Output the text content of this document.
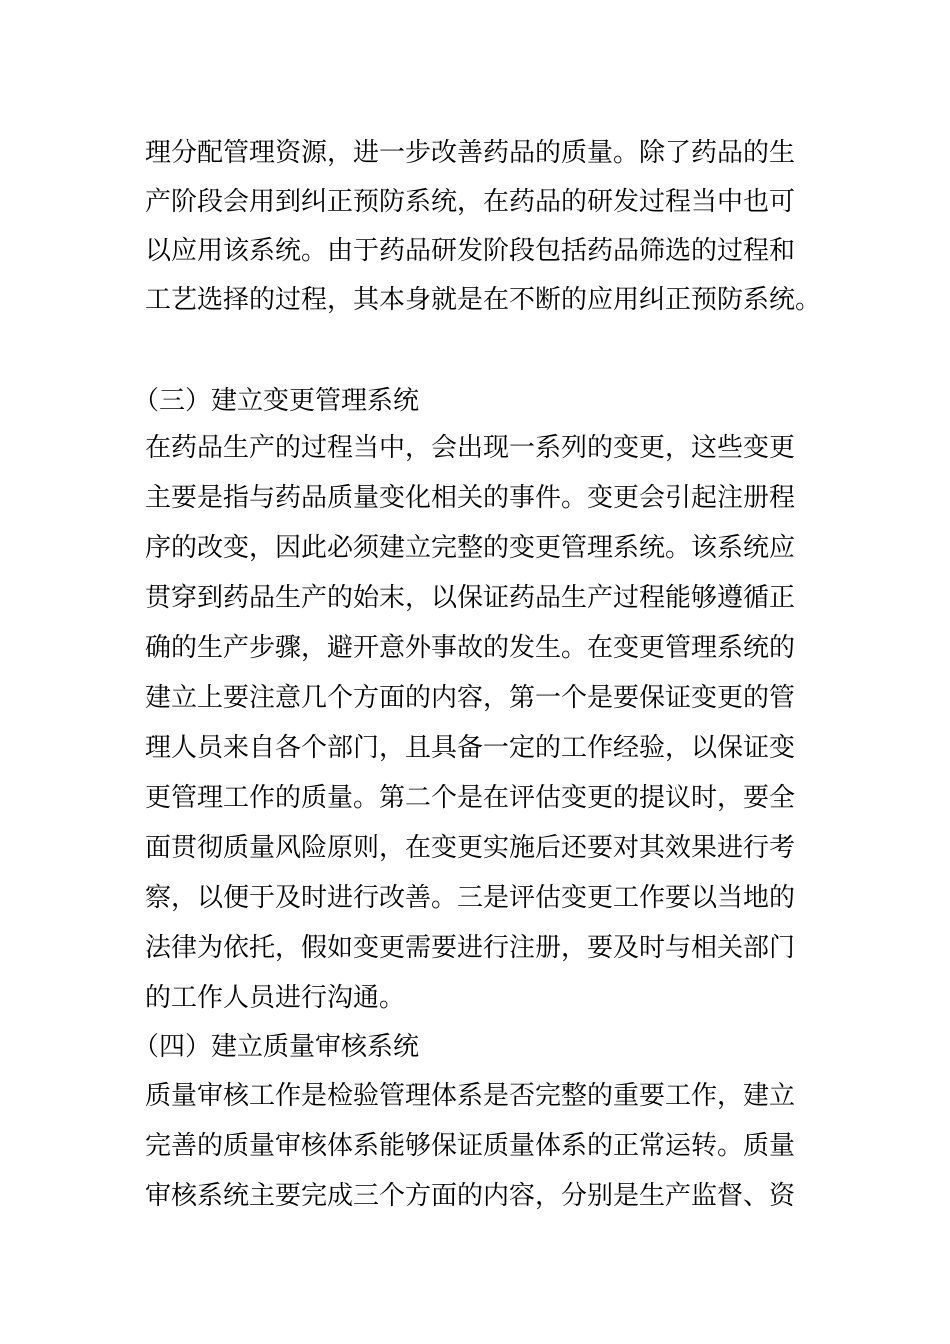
理分配管理资源，进一步改善药品的质量。除了药品的生
产阶段会用到纠正预防系统，在药品的研发过程当中也可
以应用该系统。由于药品研发阶段包括药品筛选的过程和
工艺选择的过程，其本身就是在不断的应用纠正预防系统。
（三）建立变更管理系统
在药品生产的过程当中，会出现一系列的变更，这些变更
主要是指与药品质量变化相关的事件。变更会引起注册程
序的改变，因此必须建立完整的变更管理系统。该系统应
贯穿到药品生产的始末，以保证药品生产过程能够遵循正
确的生产步骤，避开意外事故的发生。在变更管理系统的
建立上要注意几个方面的内容，第一个是要保证变更的管
理人员来自各个部门，且具备一定的工作经验，以保证变
更管理工作的质量。第二个是在评估变更的提议时，要全
面贯彻质量风险原则，在变更实施后还要对其效果进行考
察，以便于及时进行改善。三是评估变更工作要以当地的
法律为依托，假如变更需要进行注册，要及时与相关部门
的工作人员进行沟通。
（四）建立质量审核系统
质量审核工作是检验管理体系是否完整的重要工作，建立
完善的质量审核体系能够保证质量体系的正常运转。质量
审核系统主要完成三个方面的内容，分别是生产监督、资
